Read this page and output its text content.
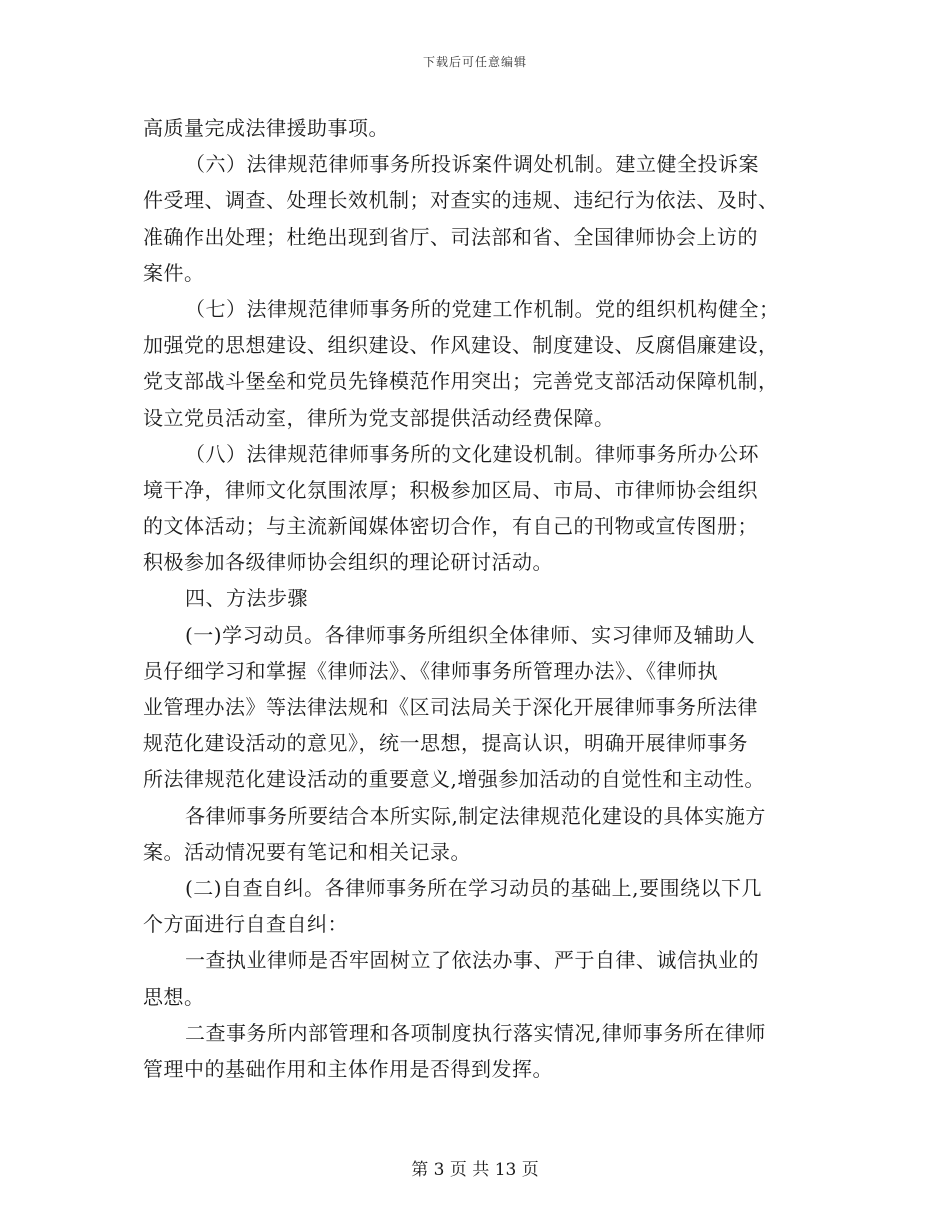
下载后可任意编辑
高质量完成法律援助事项。
（六）法律规范律师事务所投诉案件调处机制。建立健全投诉案
件受理、调查、处理长效机制；对查实的违规、违纪行为依法、及时、
准确作出处理；杜绝出现到省厅、司法部和省、全国律师协会上访的
案件。
（七）法律规范律师事务所的党建工作机制。党的组织机构健全；
加强党的思想建设、组织建设、作风建设、制度建设、反腐倡廉建设，
党支部战斗堡垒和党员先锋模范作用突出；完善党支部活动保障机制，
设立党员活动室，律所为党支部提供活动经费保障。
（八）法律规范律师事务所的文化建设机制。律师事务所办公环
境干净，律师文化氛围浓厚；积极参加区局、市局、市律师协会组织
的文体活动；与主流新闻媒体密切合作，有自己的刊物或宣传图册；
积极参加各级律师协会组织的理论研讨活动。
四、方法步骤
(一)学习动员。各律师事务所组织全体律师、实习律师及辅助人
员仔细学习和掌握《律师法》、《律师事务所管理办法》、《律师执
业管理办法》等法律法规和《区司法局关于深化开展律师事务所法律
规范化建设活动的意见》，统一思想，提高认识，明确开展律师事务
所法律规范化建设活动的重要意义,增强参加活动的自觉性和主动性。
各律师事务所要结合本所实际,制定法律规范化建设的具体实施方
案。活动情况要有笔记和相关记录。
(二)自查自纠。各律师事务所在学习动员的基础上,要围绕以下几
个方面进行自查自纠：
一查执业律师是否牢固树立了依法办事、严于自律、诚信执业的
思想。
二查事务所内部管理和各项制度执行落实情况,律师事务所在律师
管理中的基础作用和主体作用是否得到发挥。
第 3 页 共 13 页
